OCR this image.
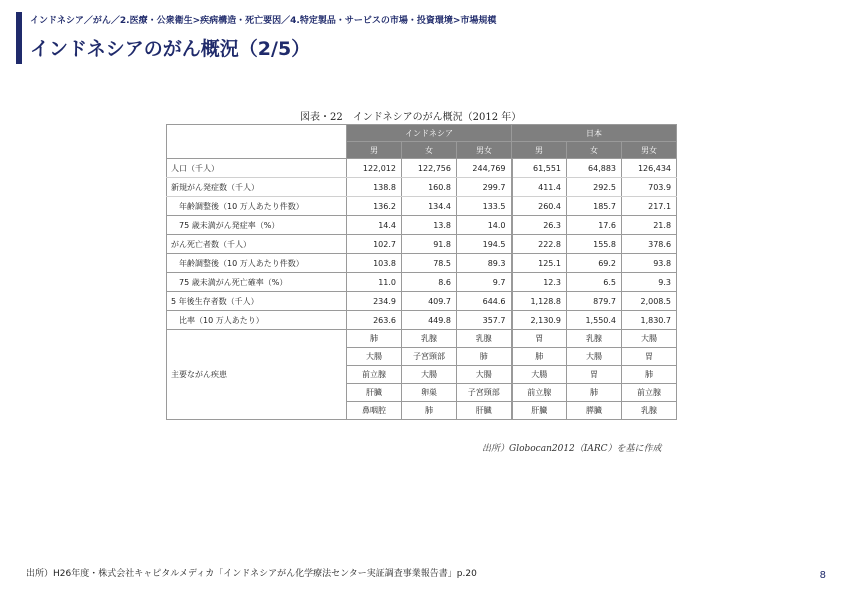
インドネシア／がん／2.医療・公衆衛生>疾病構造・死亡要因／4.特定製品・サービスの市場・投資環境>市場規模
インドネシアのがん概況（2/5）
図表・22　インドネシアのがん概況（2012 年）
	インドネシア			日本		
	男	女	男女	男	女	男女
人口（千人）	122,012	122,756	244,769	61,551	64,883	126,434
新規がん発症数（千人）	138.8	160.8	299.7	411.4	292.5	703.9
年齢調整後（10 万人あたり件数）	136.2	134.4	133.5	260.4	185.7	217.1
75 歳未満がん発症率（%）	14.4	13.8	14.0	26.3	17.6	21.8
がん死亡者数（千人）	102.7	91.8	194.5	222.8	155.8	378.6
年齢調整後（10 万人あたり件数）	103.8	78.5	89.3	125.1	69.2	93.8
75 歳未満がん死亡確率（%）	11.0	8.6	9.7	12.3	6.5	9.3
5 年後生存者数（千人）	234.9	409.7	644.6	1,128.8	879.7	2,008.5
比率（10 万人あたり）	263.6	449.8	357.7	2,130.9	1,550.4	1,830.7
主要ながん疾患	肺	乳腺	乳腺	胃	乳腺	大腸
	大腸	子宮頸部	肺	肺	大腸	胃
	前立腺	大腸	大腸	大腸	胃	肺
	肝臓	卵巣	子宮頸部	前立腺	肺	前立腺
	鼻咽腔	肺	肝臓	肝臓	膵臓	乳腺
出所）Globocan2012（IARC）を基に作成
出所）H26年度・株式会社キャピタルメディカ「インドネシアがん化学療法センター実証調査事業報告書」p.20	8
